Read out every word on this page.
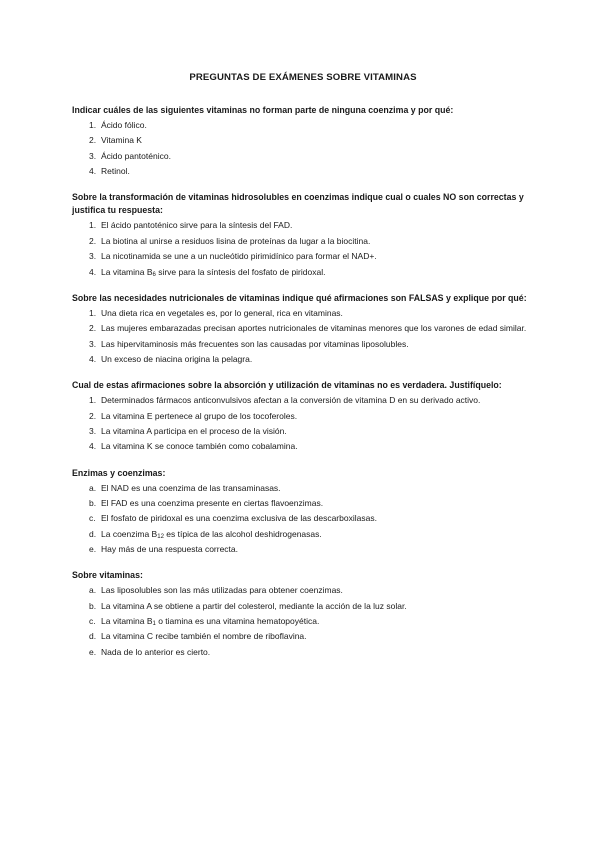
PREGUNTAS DE EXÁMENES SOBRE VITAMINAS
Indicar cuáles de las siguientes vitaminas no forman parte de ninguna coenzima y por qué:
1. Ácido fólico.
2. Vitamina K
3. Ácido pantoténico.
4. Retinol.
Sobre la transformación de vitaminas hidrosolubles en coenzimas indique cual o cuales NO son correctas y justifica tu respuesta:
1. El ácido pantoténico sirve para la síntesis del FAD.
2. La biotina al unirse a residuos lisina de proteínas da lugar a la biocitina.
3. La nicotinamida se une a un nucleótido pirimidínico para formar el NAD+.
4. La vitamina $B_6$ sirve para la síntesis del fosfato de piridoxal.
Sobre las necesidades nutricionales de vitaminas indique qué afirmaciones son FALSAS y explique por qué:
1. Una dieta rica en vegetales es, por lo general, rica en vitaminas.
2. Las mujeres embarazadas precisan aportes nutricionales de vitaminas menores que los varones de edad similar.
3. Las hipervitaminosis más frecuentes son las causadas por vitaminas liposolubles.
4. Un exceso de niacina origina la pelagra.
Cual de estas afirmaciones sobre la absorción y utilización de vitaminas no es verdadera. Justifíquelo:
1. Determinados fármacos anticonvulsivos afectan a la conversión de vitamina D en su derivado activo.
2. La vitamina E pertenece al grupo de los tocoferoles.
3. La vitamina A participa en el proceso de la visión.
4. La vitamina K se conoce también como cobalamina.
Enzimas y coenzimas:
a. El NAD es una coenzima de las transaminasas.
b. El FAD es una coenzima presente en ciertas flavoenzimas.
c. El fosfato de piridoxal es una coenzima exclusiva de las descarboxilasas.
d. La coenzima $B_{12}$ es típica de las alcohol deshidrogenasas.
e. Hay más de una respuesta correcta.
Sobre vitaminas:
a. Las liposolubles son las más utilizadas para obtener coenzimas.
b. La vitamina A se obtiene a partir del colesterol, mediante la acción de la luz solar.
c. La vitamina $B_1$ o tiamina es una vitamina hematopoyética.
d. La vitamina C recibe también el nombre de riboflavina.
e. Nada de lo anterior es cierto.
